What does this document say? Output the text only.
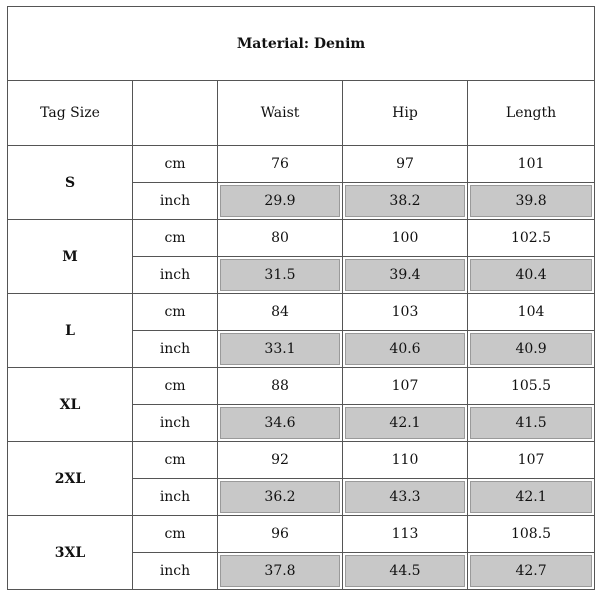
Material: Denim				
Tag Size		Waist	Hip	Length
S	cm	76	97	101
	inch	29.9	38.2	39.8
M	cm	80	100	102.5
	inch	31.5	39.4	40.4
L	cm	84	103	104
	inch	33.1	40.6	40.9
XL	cm	88	107	105.5
	inch	34.6	42.1	41.5
2XL	cm	92	110	107
	inch	36.2	43.3	42.1
3XL	cm	96	113	108.5
	inch	37.8	44.5	42.7
